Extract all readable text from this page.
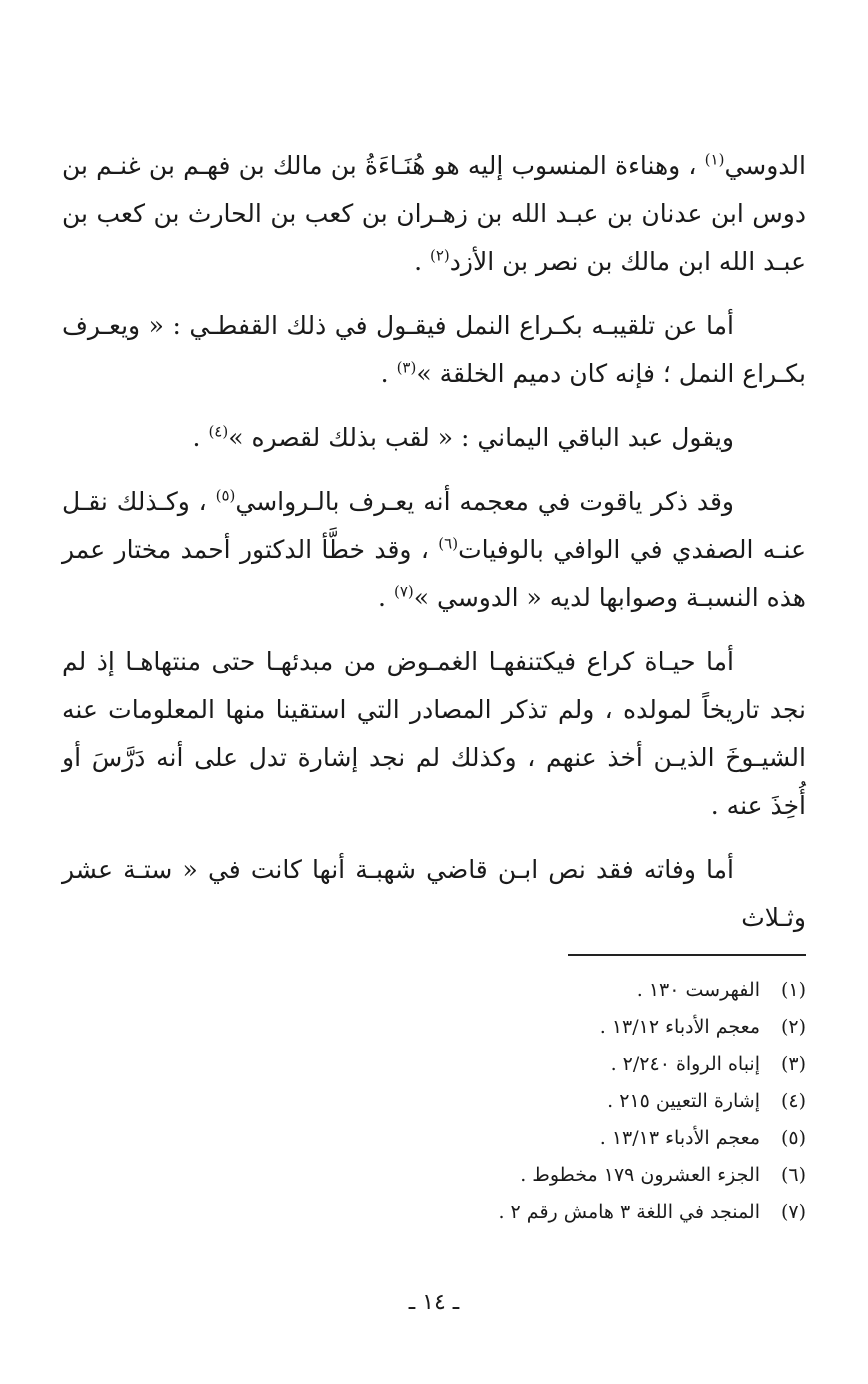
الدوسي$^{(١)}$ ، وهناءة المنسوب إليه هو هُنَـاءَةُ بن مالك بن فهـم بن غنـم بن دوس ابن عدنان بن عبـد الله بن زهـران بن كعب بن الحارث بن كعب بن عبـد الله ابن مالك بن نصر بن الأزد$^{(٢)}$ .

أما عن تلقيبـه بكـراع النمل فيقـول في ذلك القفطـي : « ويعـرف بكـراع النمل ؛ فإنه كان دميم الخلقة »$^{(٣)}$ .

ويقول عبد الباقي اليماني : « لقب بذلك لقصره »$^{(٤)}$ .

وقد ذكر ياقوت في معجمه أنه يعـرف بالـرواسي$^{(٥)}$ ، وكـذلك نقـل عنـه الصفدي في الوافي بالوفيات$^{(٦)}$ ، وقد خطَّأ الدكتور أحمد مختار عمر هذه النسبـة وصوابها لديه « الدوسي »$^{(٧)}$ .

أما حيـاة كراع فيكتنفهـا الغمـوض من مبدئهـا حتى منتهاهـا إذ لم نجد تاريخاً لمولده ، ولم تذكر المصادر التي استقينا منها المعلومات عنه الشيـوخَ الذيـن أخذ عنهم ، وكذلك لم نجد إشارة تدل على أنه دَرَّسَ أو أُخِذَ عنه .

أما وفاته فقد نص ابـن قاضي شهبـة أنها كانت في « ستـة عشر وثـلاث

(١)
الفهرست ١٣٠ .
(٢)
معجم الأدباء ١٣/١٢ .
(٣)
إنباه الرواة ٢/٢٤٠ .
(٤)
إشارة التعيين ٢١٥ .
(٥)
معجم الأدباء ١٣/١٣ .
(٦)
الجزء العشرون ١٧٩ مخطوط .
(٧)
المنجد في اللغة ٣ هامش رقم ٢ .
ـ ١٤ ـ
